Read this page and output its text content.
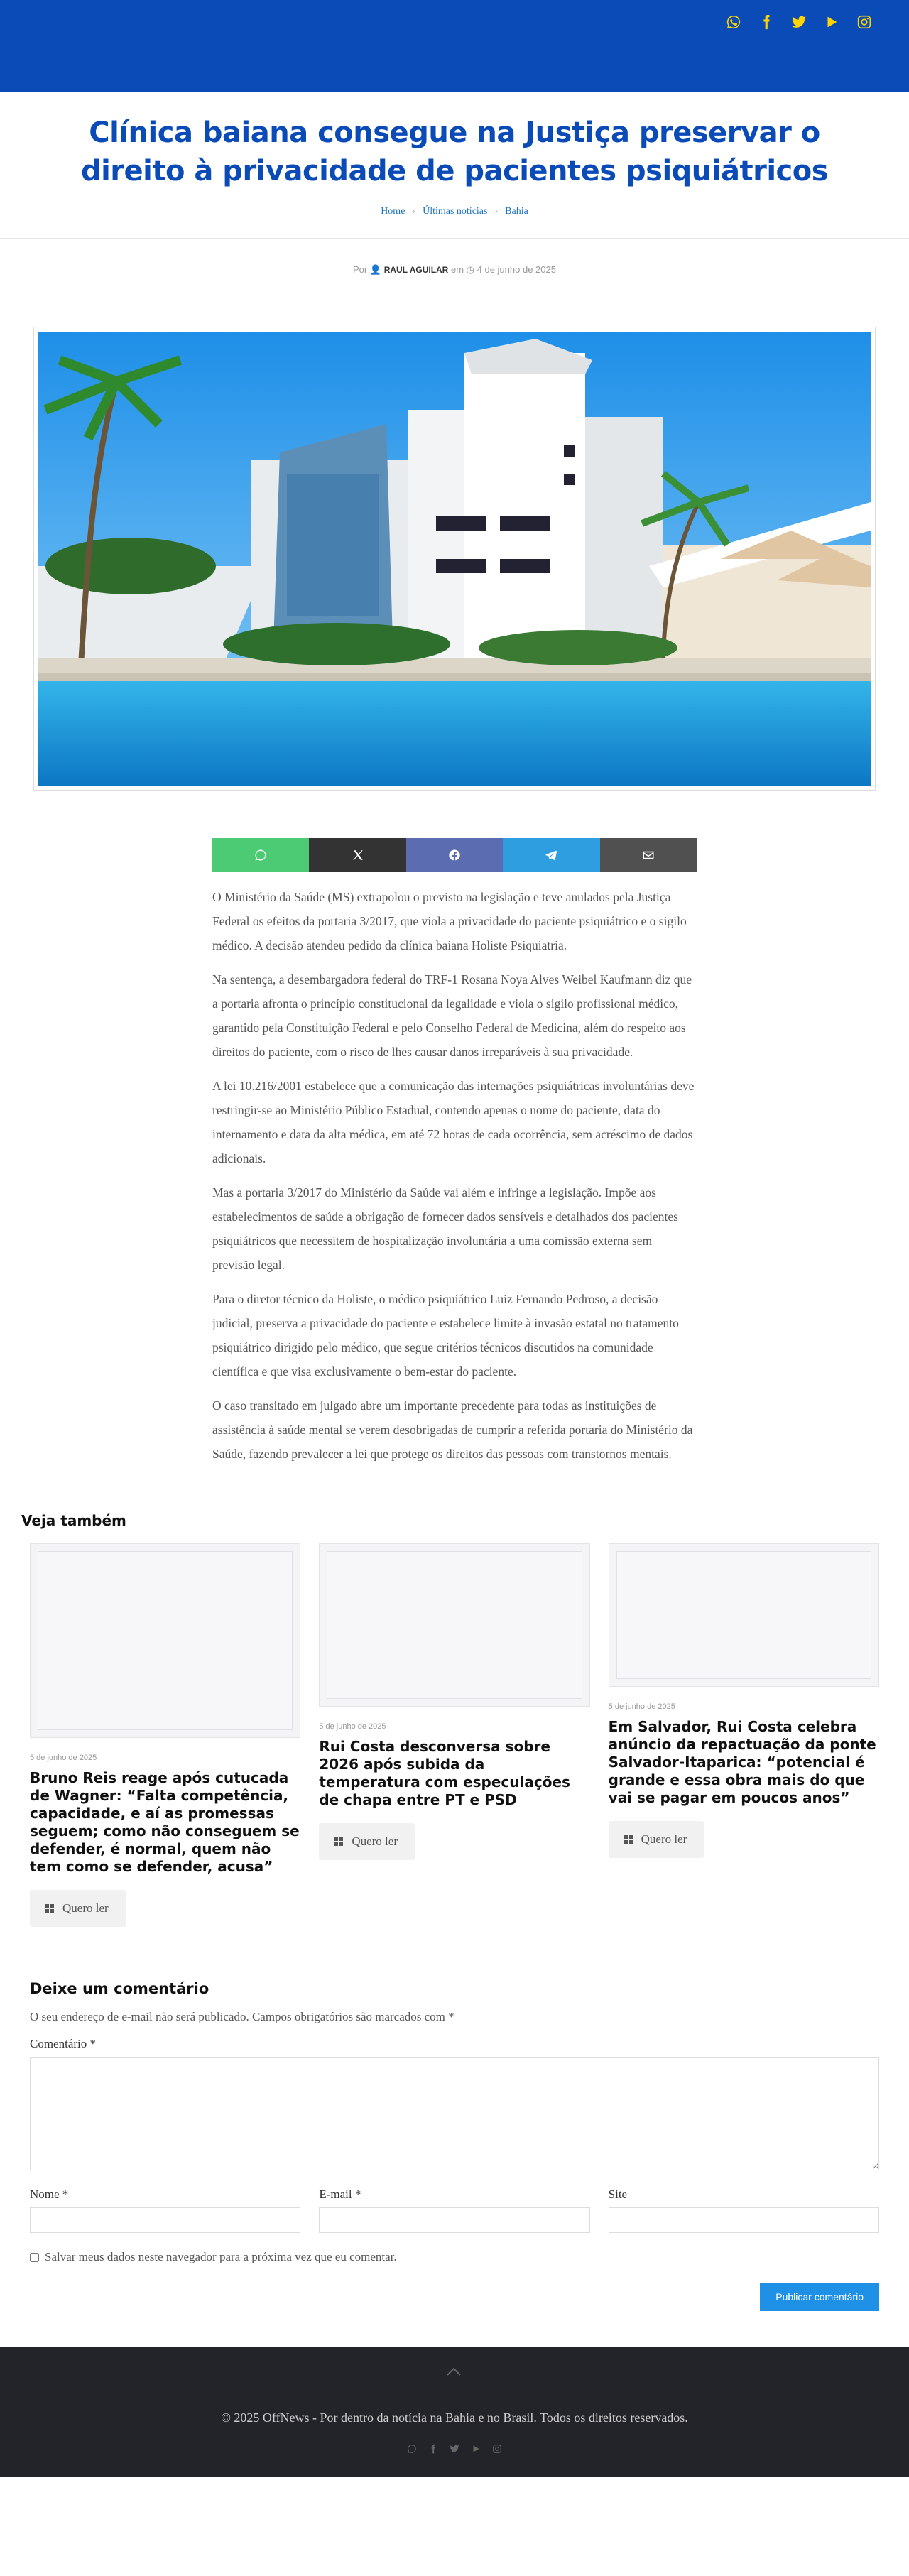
Clínica baiana consegue na Justiça preservar o direito à privacidade de pacientes psiquiátricos
Home › Últimas notícias › Bahia
Por 👤 RAUL AGUILAR em ◷ 4 de junho de 2025

O Ministério da Saúde (MS) extrapolou o previsto na legislação e teve anulados pela Justiça Federal os efeitos da portaria 3/2017, que viola a privacidade do paciente psiquiátrico e o sigilo médico. A decisão atendeu pedido da clínica baiana Holiste Psiquiatria.

Na sentença, a desembargadora federal do TRF-1 Rosana Noya Alves Weibel Kaufmann diz que a portaria afronta o princípio constitucional da legalidade e viola o sigilo profissional médico, garantido pela Constituição Federal e pelo Conselho Federal de Medicina, além do respeito aos direitos do paciente, com o risco de lhes causar danos irreparáveis à sua privacidade.

A lei 10.216/2001 estabelece que a comunicação das internações psiquiátricas involuntárias deve restringir-se ao Ministério Público Estadual, contendo apenas o nome do paciente, data do internamento e data da alta médica, em até 72 horas de cada ocorrência, sem acréscimo de dados adicionais.

Mas a portaria 3/2017 do Ministério da Saúde vai além e infringe a legislação. Impõe aos estabelecimentos de saúde a obrigação de fornecer dados sensíveis e detalhados dos pacientes psiquiátricos que necessitem de hospitalização involuntária a uma comissão externa sem previsão legal.

Para o diretor técnico da Holiste, o médico psiquiátrico Luiz Fernando Pedroso, a decisão judicial, preserva a privacidade do paciente e estabelece limite à invasão estatal no tratamento psiquiátrico dirigido pelo médico, que segue critérios técnicos discutidos na comunidade científica e que visa exclusivamente o bem-estar do paciente.

O caso transitado em julgado abre um importante precedente para todas as instituições de assistência à saúde mental se verem desobrigadas de cumprir a referida portaria do Ministério da Saúde, fazendo prevalecer a lei que protege os direitos das pessoas com transtornos mentais.

Veja também
5 de junho de 2025
Bruno Reis reage após cutucada de Wagner: “Falta competência, capacidade, e aí as promessas seguem; como não conseguem se defender, é normal, quem não tem como se defender, acusa”
Quero ler
5 de junho de 2025
Rui Costa desconversa sobre 2026 após subida da temperatura com especulações de chapa entre PT e PSD
Quero ler
5 de junho de 2025
Em Salvador, Rui Costa celebra anúncio da repactuação da ponte Salvador-Itaparica: “potencial é grande e essa obra mais do que vai se pagar em poucos anos”
Quero ler
Deixe um comentário
O seu endereço de e-mail não será publicado. Campos obrigatórios são marcados com *
Comentário *
Nome *	E-mail *	Site
Salvar meus dados neste navegador para a próxima vez que eu comentar.
Publicar comentário
© 2025 OffNews - Por dentro da notícia na Bahia e no Brasil. Todos os direitos reservados.
